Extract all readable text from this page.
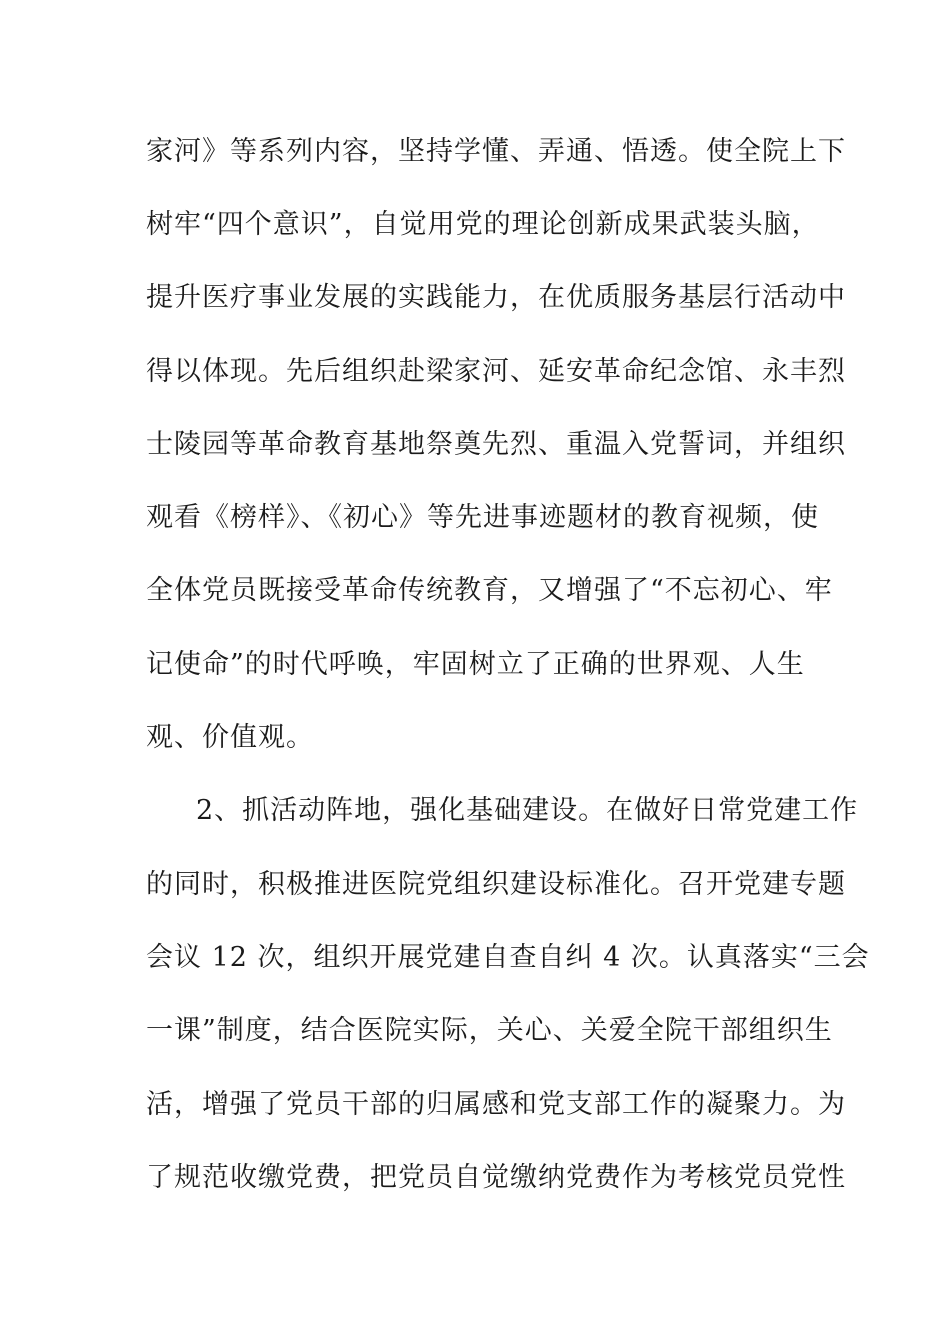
家河》等系列内容，坚持学懂、弄通、悟透。使全院上下
树牢“四个意识”，自觉用党的理论创新成果武装头脑，
提升医疗事业发展的实践能力，在优质服务基层行活动中
得以体现。先后组织赴梁家河、延安革命纪念馆、永丰烈
士陵园等革命教育基地祭奠先烈、重温入党誓词，并组织
观看《榜样》、《初心》等先进事迹题材的教育视频，使
全体党员既接受革命传统教育，又增强了“不忘初心、牢
记使命”的时代呼唤，牢固树立了正确的世界观、人生
观、价值观。
2、抓活动阵地，强化基础建设。在做好日常党建工作
的同时，积极推进医院党组织建设标准化。召开党建专题
会议 12 次，组织开展党建自查自纠 4 次。认真落实“三会
一课”制度，结合医院实际，关心、关爱全院干部组织生
活，增强了党员干部的归属感和党支部工作的凝聚力。为
了规范收缴党费，把党员自觉缴纳党费作为考核党员党性
